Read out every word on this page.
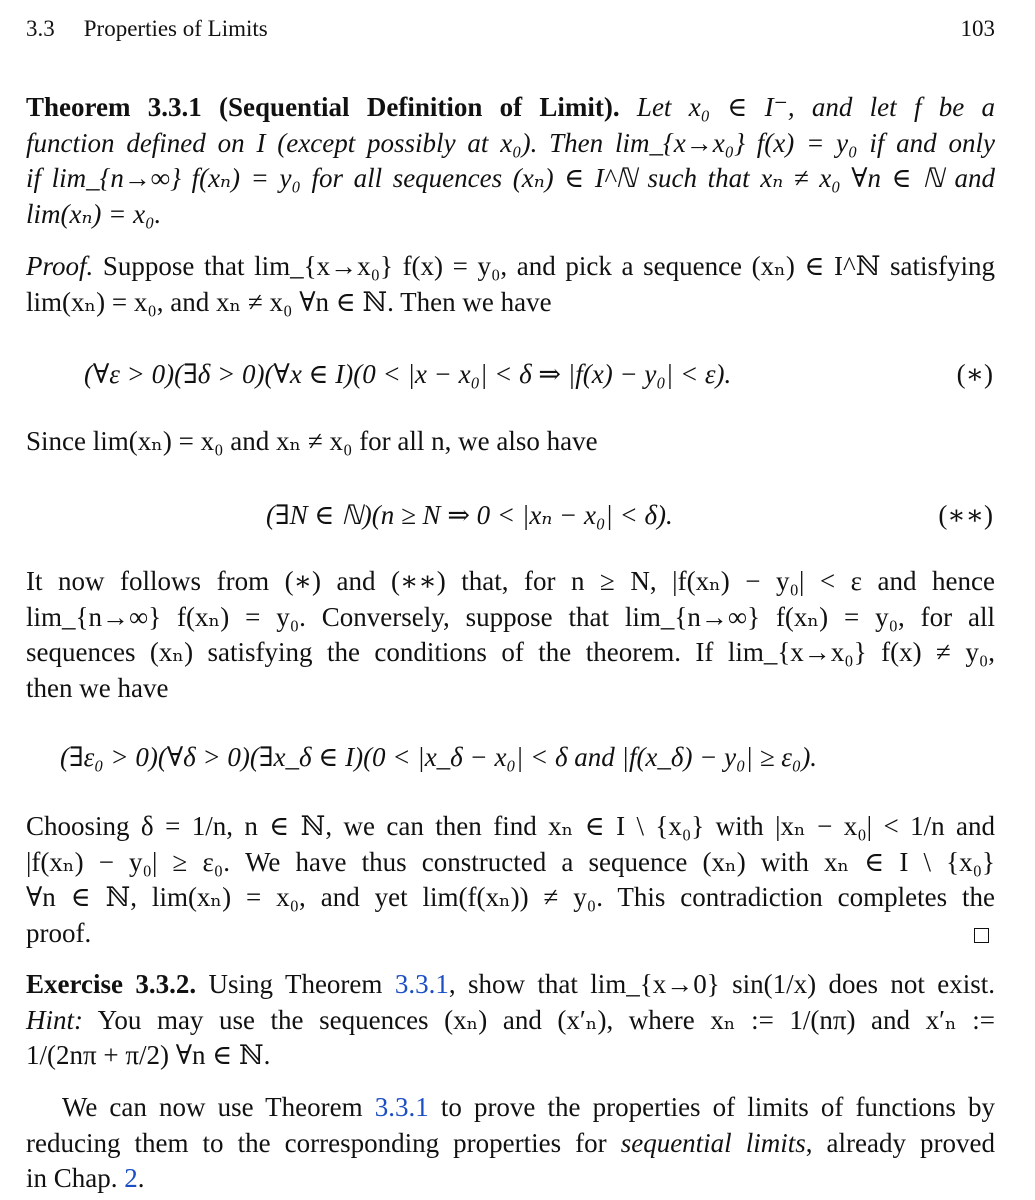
3.3 Properties of Limits	103
Theorem 3.3.1 (Sequential Definition of Limit). Let x₀ ∈ I⁻, and let f be a
function defined on I (except possibly at x₀). Then lim_{x→x₀} f(x) = y₀ if and only
if lim_{n→∞} f(xₙ) = y₀ for all sequences (xₙ) ∈ I^ℕ such that xₙ ≠ x₀ ∀n ∈ ℕ and
lim(xₙ) = x₀.
Proof. Suppose that lim_{x→x₀} f(x) = y₀, and pick a sequence (xₙ) ∈ I^ℕ satisfying
lim(xₙ) = x₀, and xₙ ≠ x₀ ∀n ∈ ℕ. Then we have
(∀ε > 0)(∃δ > 0)(∀x ∈ I)(0 < |x − x₀| < δ ⇒ |f(x) − y₀| < ε).	(∗)
Since lim(xₙ) = x₀ and xₙ ≠ x₀ for all n, we also have
(∃N ∈ ℕ)(n ≥ N ⇒ 0 < |xₙ − x₀| < δ).	(∗∗)
It now follows from (∗) and (∗∗) that, for n ≥ N, |f(xₙ) − y₀| < ε and hence
lim_{n→∞} f(xₙ) = y₀. Conversely, suppose that lim_{n→∞} f(xₙ) = y₀, for all
sequences (xₙ) satisfying the conditions of the theorem. If lim_{x→x₀} f(x) ≠ y₀,
then we have
(∃ε₀ > 0)(∀δ > 0)(∃x_δ ∈ I)(0 < |x_δ − x₀| < δ and |f(x_δ) − y₀| ≥ ε₀).
Choosing δ = 1/n, n ∈ ℕ, we can then find xₙ ∈ I \ {x₀} with |xₙ − x₀| < 1/n and
|f(xₙ) − y₀| ≥ ε₀. We have thus constructed a sequence (xₙ) with xₙ ∈ I \ {x₀}
∀n ∈ ℕ, lim(xₙ) = x₀, and yet lim(f(xₙ)) ≠ y₀. This contradiction completes the
proof.
Exercise 3.3.2. Using Theorem 3.3.1, show that lim_{x→0} sin(1/x) does not exist.
Hint: You may use the sequences (xₙ) and (x′ₙ), where xₙ := 1/(nπ) and x′ₙ :=
1/(2nπ + π/2) ∀n ∈ ℕ.
We can now use Theorem 3.3.1 to prove the properties of limits of functions by
reducing them to the corresponding properties for sequential limits, already proved
in Chap. 2.
